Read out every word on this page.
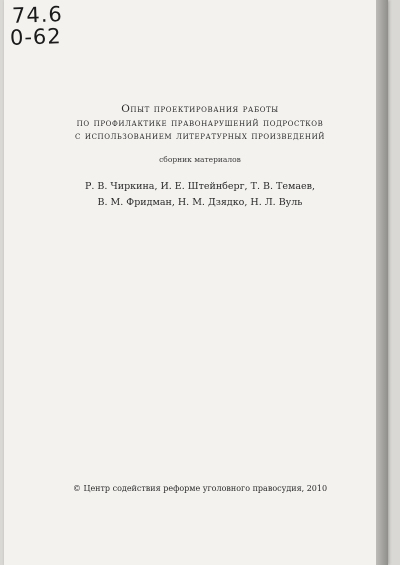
74.6
0-62
Опыт проектирования работы
по профилактике правонарушений подростков
с использованием литературных произведений
сборник материалов
Р. В. Чиркина, И. Е. Штейнберг, Т. В. Темаев,
В. М. Фридман, Н. М. Дзядко, Н. Л. Вуль
© Центр содействия реформе уголовного правосудия, 2010
